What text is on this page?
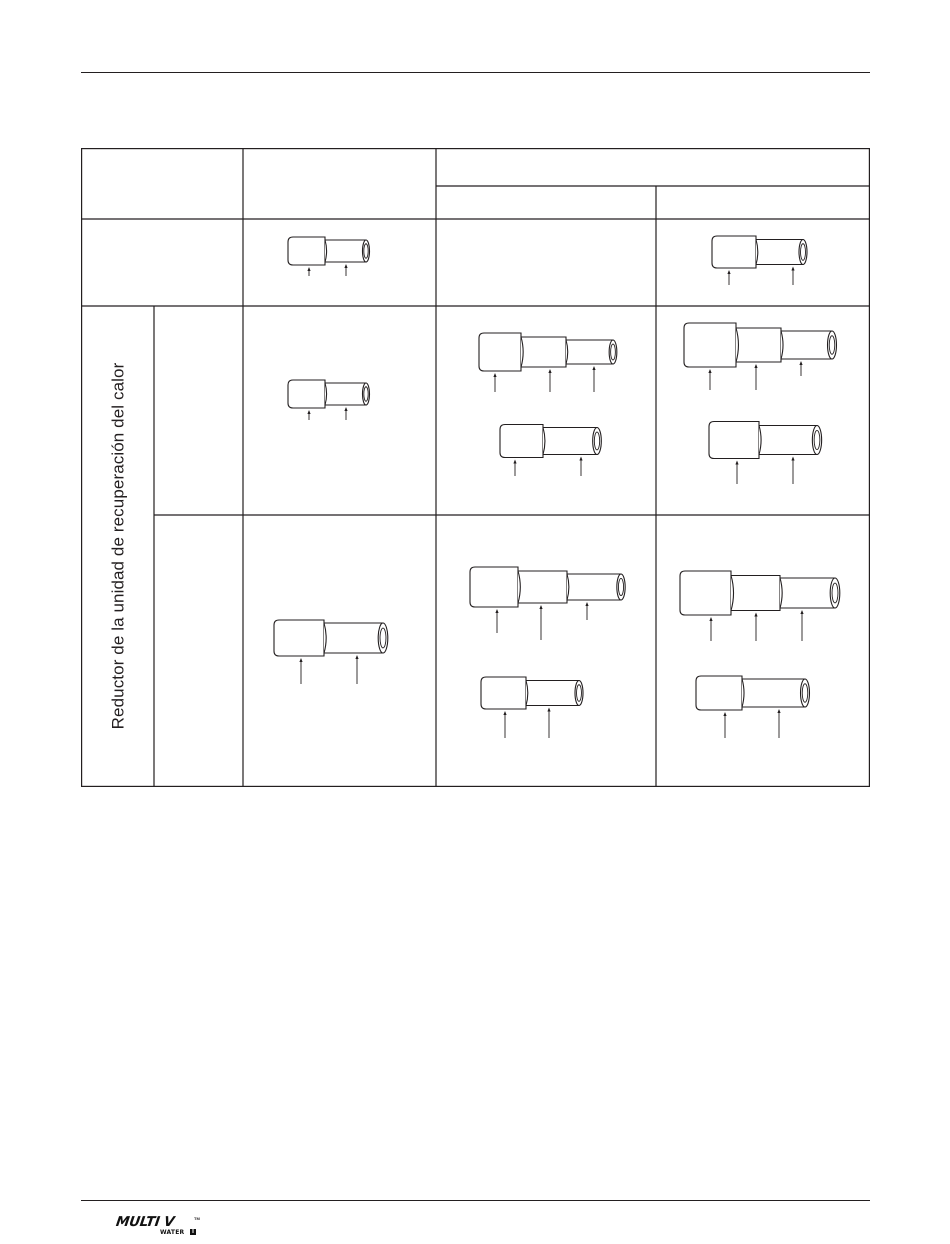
Reductor de la unidad de recuperación del calor
MULTI V	TM
WATER	II
